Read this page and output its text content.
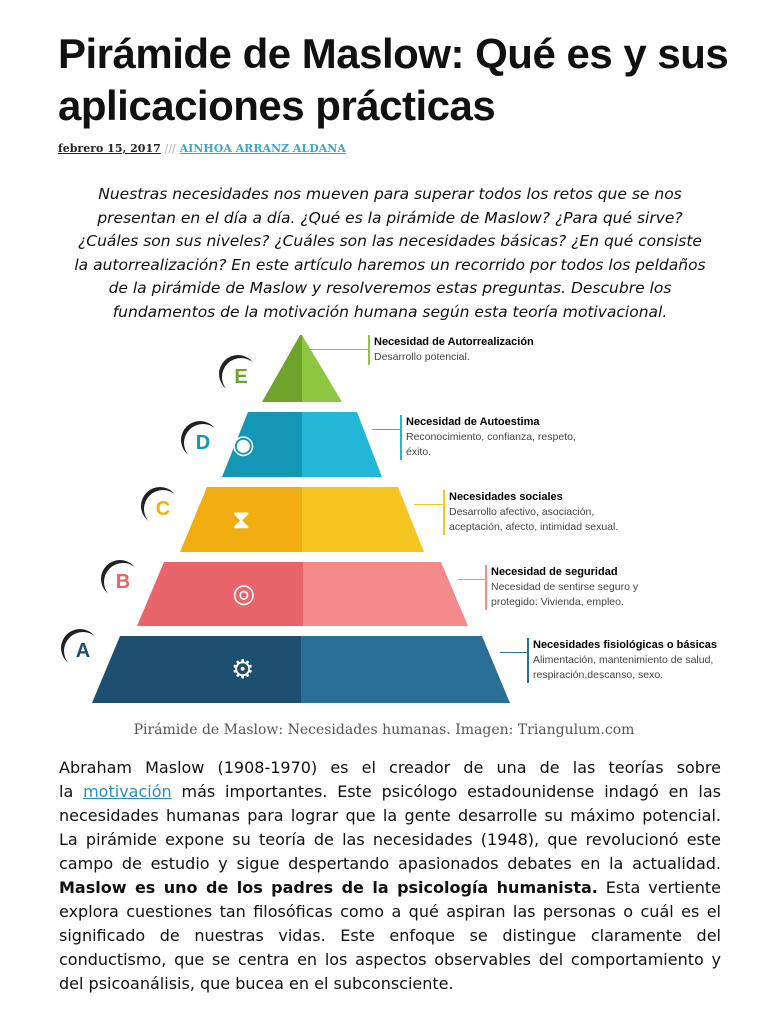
Pirámide de Maslow: Qué es y sus aplicaciones prácticas
febrero 15, 2017 /// AINHOA ARRANZ ALDANA

Nuestras necesidades nos mueven para superar todos los retos que se nos presentan en el día a día. ¿Qué es la pirámide de Maslow? ¿Para qué sirve? ¿Cuáles son sus niveles? ¿Cuáles son las necesidades básicas? ¿En qué consiste la autorrealización? En este artículo haremos un recorrido por todos los peldaños de la pirámide de Maslow y resolveremos estas preguntas. Descubre los fundamentos de la motivación humana según esta teoría motivacional.

E
Necesidad de Autorrealización
Desarrollo potencial.
◉
D
Necesidad de Autoestima
Reconocimiento, confianza, respeto, éxito.
⧗
C
Necesidades sociales
Desarrollo afectivo, asociación, aceptación, afecto, intimidad sexual.
◎
B	Necesidad de seguridad
Necesidad de sentirse seguro y protegido: Vivienda, empleo.
⚙
A	Necesidades fisiológicas o básicas
Alimentación, mantenimiento de salud, respiración,descanso, sexo.
Pirámide de Maslow: Necesidades humanas. Imagen: Triangulum.com
Abraham Maslow (1908-1970) es el creador de una de las teorías sobre
la motivación más importantes. Este psicólogo estadounidense indagó en las
necesidades humanas para lograr que la gente desarrolle su máximo potencial.
La pirámide expone su teoría de las necesidades (1948), que revolucionó este
campo de estudio y sigue despertando apasionados debates en la actualidad.
Maslow es uno de los padres de la psicología humanista. Esta vertiente
explora cuestiones tan filosóficas como a qué aspiran las personas o cuál es el
significado de nuestras vidas. Este enfoque se distingue claramente del
conductismo, que se centra en los aspectos observables del comportamiento y
del psicoanálisis, que bucea en el subconsciente.
